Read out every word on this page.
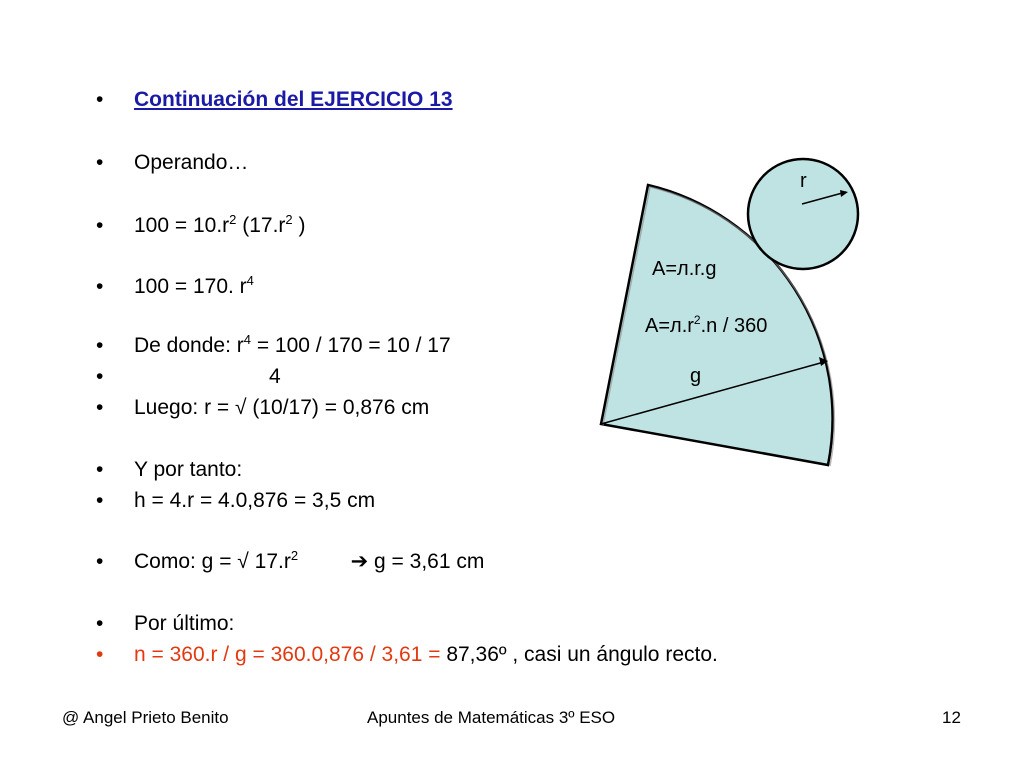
• Continuación del EJERCICIO 13
• Operando…
• $100 = 10.r^2$ ($17.r^2$ )
• 100 = 170. $r^4$
• De donde: $r^4 = 100 / 170 = 10 / 17$
•	4
• Luego: r = √ (10/17) = 0,876 cm
• Y por tanto:
• h = 4.r = 4.0,876 = 3,5 cm
• Como: g = √ $17.r^2$	➔ g = 3,61 cm
• Por último:
• n = 360.r / g = 360.0,876 / 3,61 = 87,36º , casi un ángulo recto.
r
A=л.r.g
$A=л.r^2.n / 360$
g
@ Angel Prieto Benito	Apuntes de Matemáticas 3º ESO	12
